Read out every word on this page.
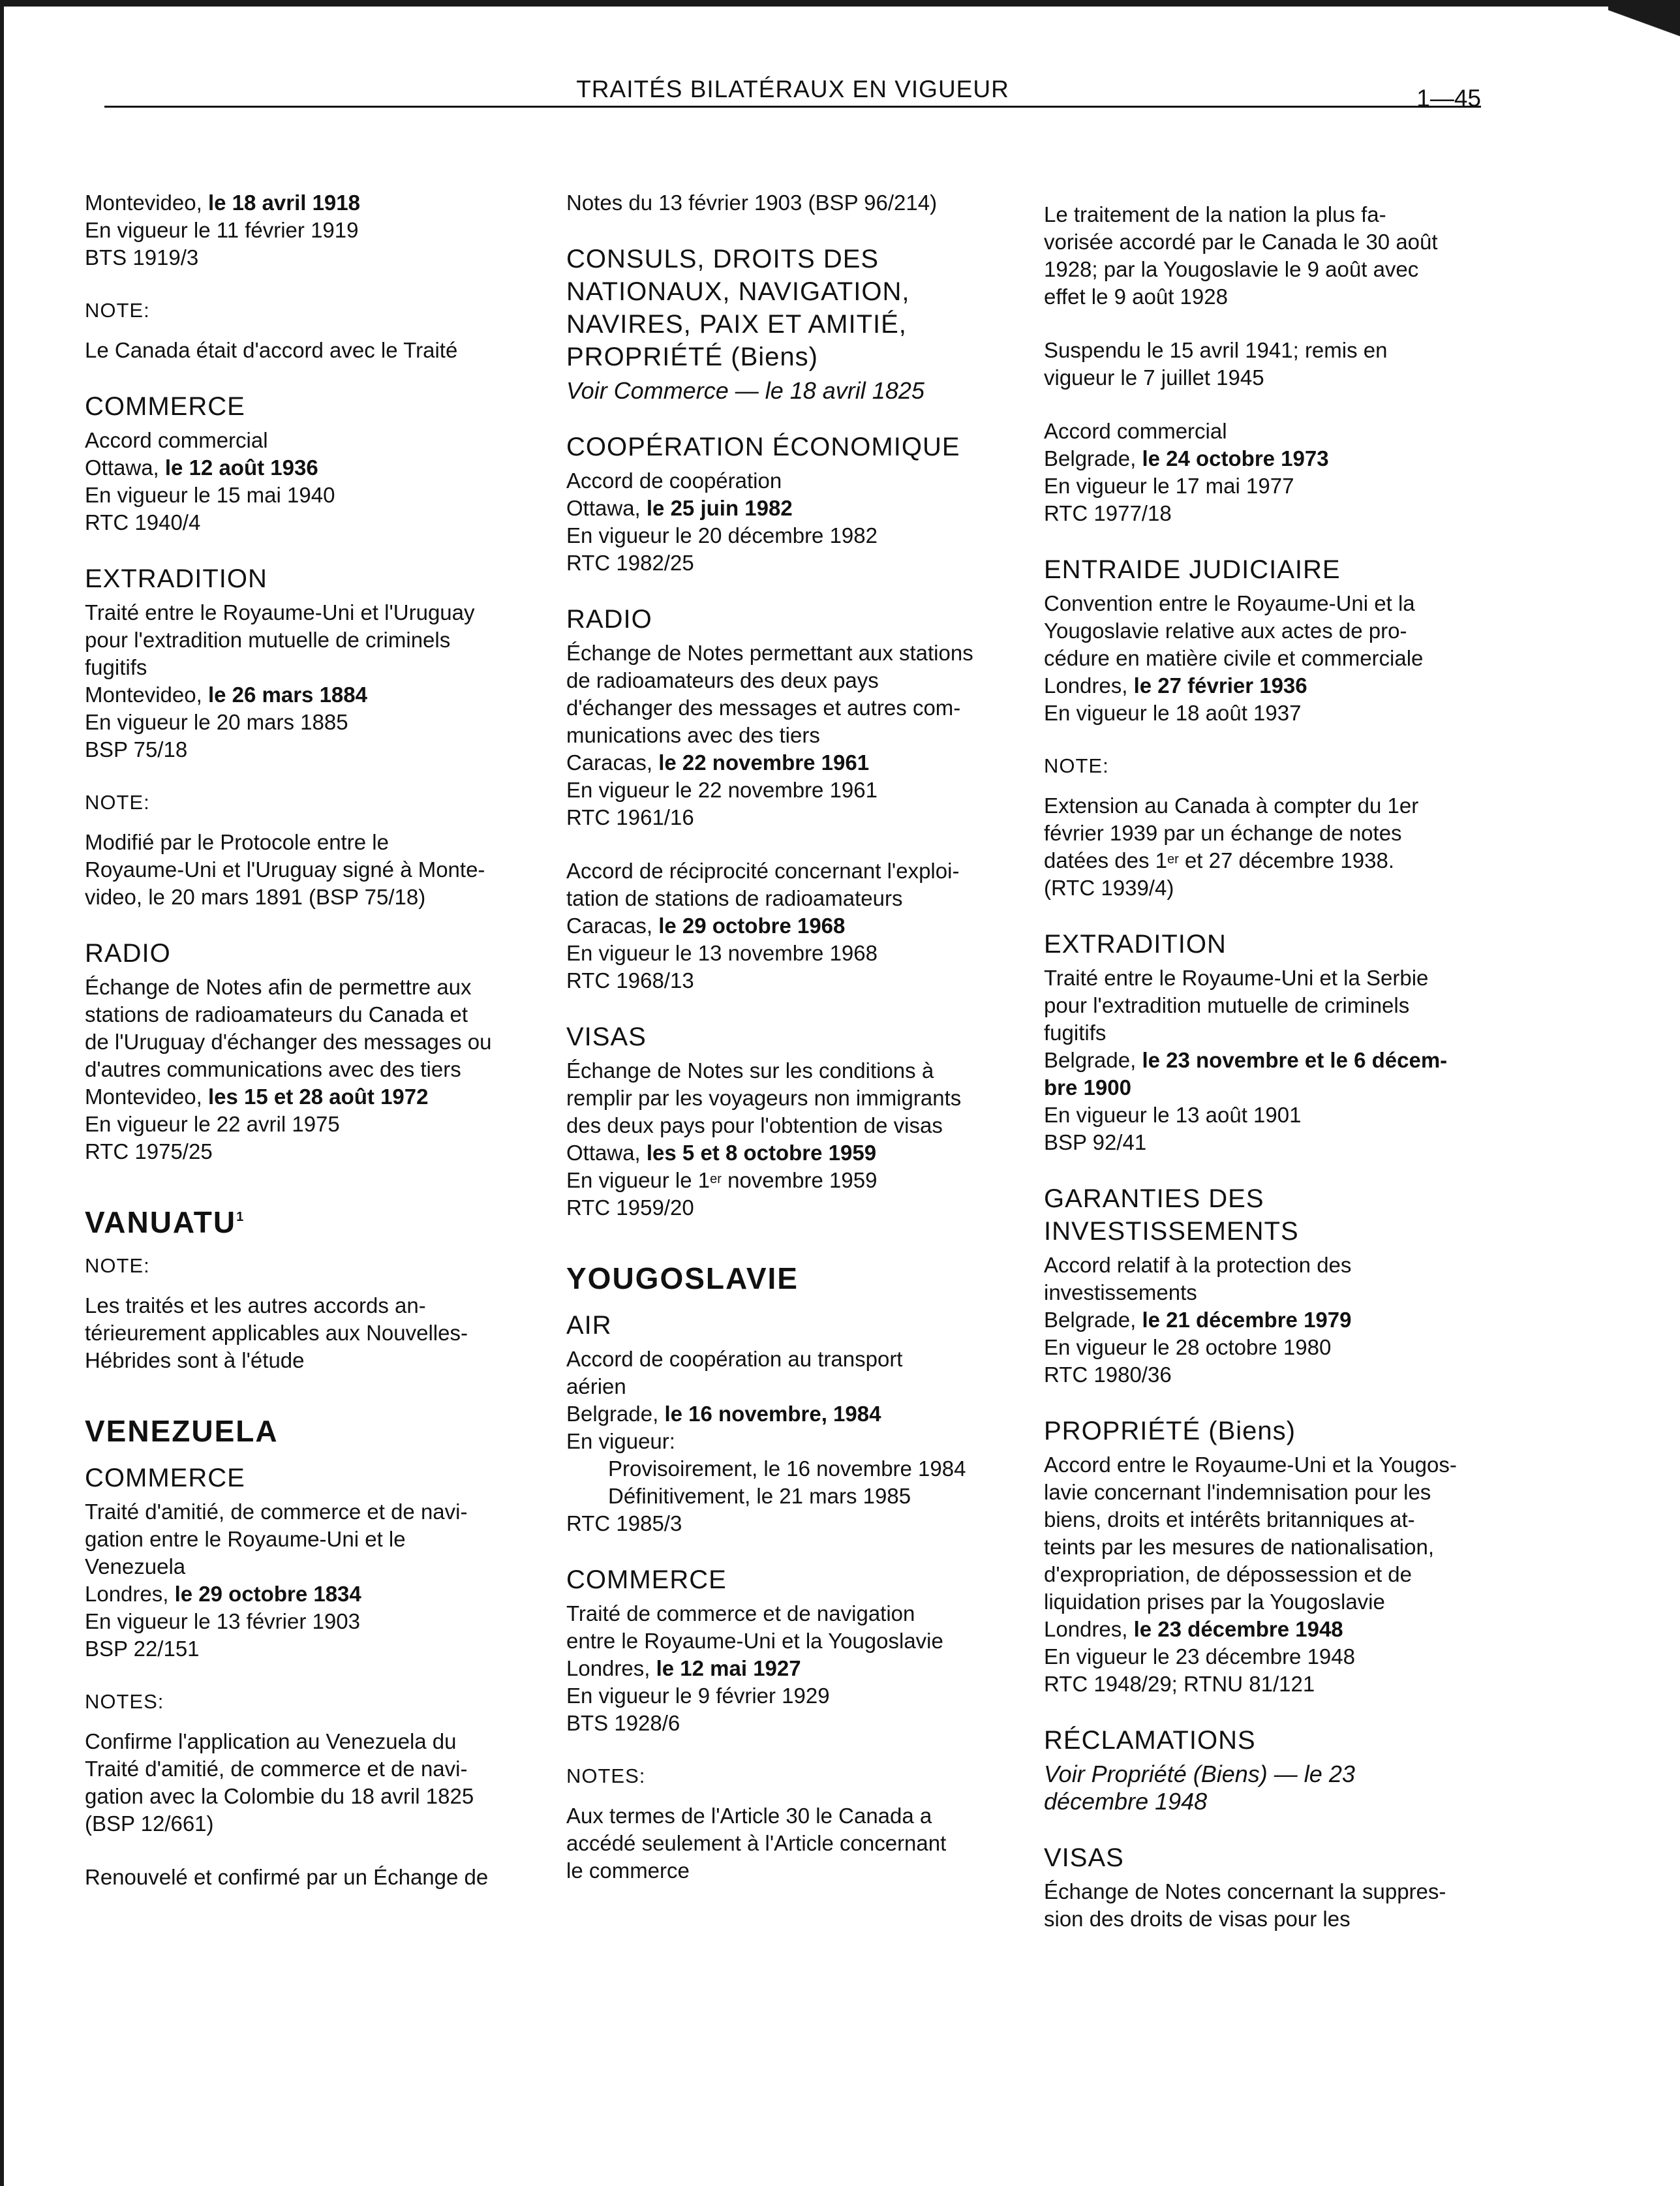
TRAITÉS BILATÉRAUX EN VIGUEUR	1—45
Montevideo, le 18 avril 1918
En vigueur le 11 février 1919
BTS 1919/3
NOTE:
Le Canada était d'accord avec le Traité
COMMERCE
Accord commercial
Ottawa, le 12 août 1936
En vigueur le 15 mai 1940
RTC 1940/4
EXTRADITION
Traité entre le Royaume-Uni et l'Uruguay
pour l'extradition mutuelle de criminels
fugitifs
Montevideo, le 26 mars 1884
En vigueur le 20 mars 1885
BSP 75/18
NOTE:
Modifié par le Protocole entre le
Royaume-Uni et l'Uruguay signé à Monte-
video, le 20 mars 1891 (BSP 75/18)
RADIO
Échange de Notes afin de permettre aux
stations de radioamateurs du Canada et
de l'Uruguay d'échanger des messages ou
d'autres communications avec des tiers
Montevideo, les 15 et 28 août 1972
En vigueur le 22 avril 1975
RTC 1975/25
VANUATU$^1$
NOTE:
Les traités et les autres accords an-
térieurement applicables aux Nouvelles-
Hébrides sont à l'étude
VENEZUELA
COMMERCE
Traité d'amitié, de commerce et de navi-
gation entre le Royaume-Uni et le
Venezuela
Londres, le 29 octobre 1834
En vigueur le 13 février 1903
BSP 22/151
NOTES:
Confirme l'application au Venezuela du
Traité d'amitié, de commerce et de navi-
gation avec la Colombie du 18 avril 1825
(BSP 12/661)
Renouvelé et confirmé par un Échange de
Notes du 13 février 1903 (BSP 96/214)
CONSULS, DROITS DES
NATIONAUX, NAVIGATION,
NAVIRES, PAIX ET AMITIÉ,
PROPRIÉTÉ (Biens)
Voir Commerce — le 18 avril 1825
COOPÉRATION ÉCONOMIQUE
Accord de coopération
Ottawa, le 25 juin 1982
En vigueur le 20 décembre 1982
RTC 1982/25
RADIO
Échange de Notes permettant aux stations
de radioamateurs des deux pays
d'échanger des messages et autres com-
munications avec des tiers
Caracas, le 22 novembre 1961
En vigueur le 22 novembre 1961
RTC 1961/16
Accord de réciprocité concernant l'exploi-
tation de stations de radioamateurs
Caracas, le 29 octobre 1968
En vigueur le 13 novembre 1968
RTC 1968/13
VISAS
Échange de Notes sur les conditions à
remplir par les voyageurs non immigrants
des deux pays pour l'obtention de visas
Ottawa, les 5 et 8 octobre 1959
En vigueur le 1er novembre 1959
RTC 1959/20
YOUGOSLAVIE
AIR
Accord de coopération au transport
aérien
Belgrade, le 16 novembre, 1984
En vigueur:
Provisoirement, le 16 novembre 1984
Définitivement, le 21 mars 1985
RTC 1985/3
COMMERCE
Traité de commerce et de navigation
entre le Royaume-Uni et la Yougoslavie
Londres, le 12 mai 1927
En vigueur le 9 février 1929
BTS 1928/6
NOTES:
Aux termes de l'Article 30 le Canada a
accédé seulement à l'Article concernant
le commerce
Le traitement de la nation la plus fa-
vorisée accordé par le Canada le 30 août
1928; par la Yougoslavie le 9 août avec
effet le 9 août 1928
Suspendu le 15 avril 1941; remis en
vigueur le 7 juillet 1945
Accord commercial
Belgrade, le 24 octobre 1973
En vigueur le 17 mai 1977
RTC 1977/18
ENTRAIDE JUDICIAIRE
Convention entre le Royaume-Uni et la
Yougoslavie relative aux actes de pro-
cédure en matière civile et commerciale
Londres, le 27 février 1936
En vigueur le 18 août 1937
NOTE:
Extension au Canada à compter du 1er
février 1939 par un échange de notes
datées des 1er et 27 décembre 1938.
(RTC 1939/4)
EXTRADITION
Traité entre le Royaume-Uni et la Serbie
pour l'extradition mutuelle de criminels
fugitifs
Belgrade, le 23 novembre et le 6 décem-
bre 1900
En vigueur le 13 août 1901
BSP 92/41
GARANTIES DES
INVESTISSEMENTS
Accord relatif à la protection des
investissements
Belgrade, le 21 décembre 1979
En vigueur le 28 octobre 1980
RTC 1980/36
PROPRIÉTÉ (Biens)
Accord entre le Royaume-Uni et la Yougos-
lavie concernant l'indemnisation pour les
biens, droits et intérêts britanniques at-
teints par les mesures de nationalisation,
d'expropriation, de dépossession et de
liquidation prises par la Yougoslavie
Londres, le 23 décembre 1948
En vigueur le 23 décembre 1948
RTC 1948/29; RTNU 81/121
RÉCLAMATIONS
Voir Propriété (Biens) — le 23
décembre 1948
VISAS
Échange de Notes concernant la suppres-
sion des droits de visas pour les
